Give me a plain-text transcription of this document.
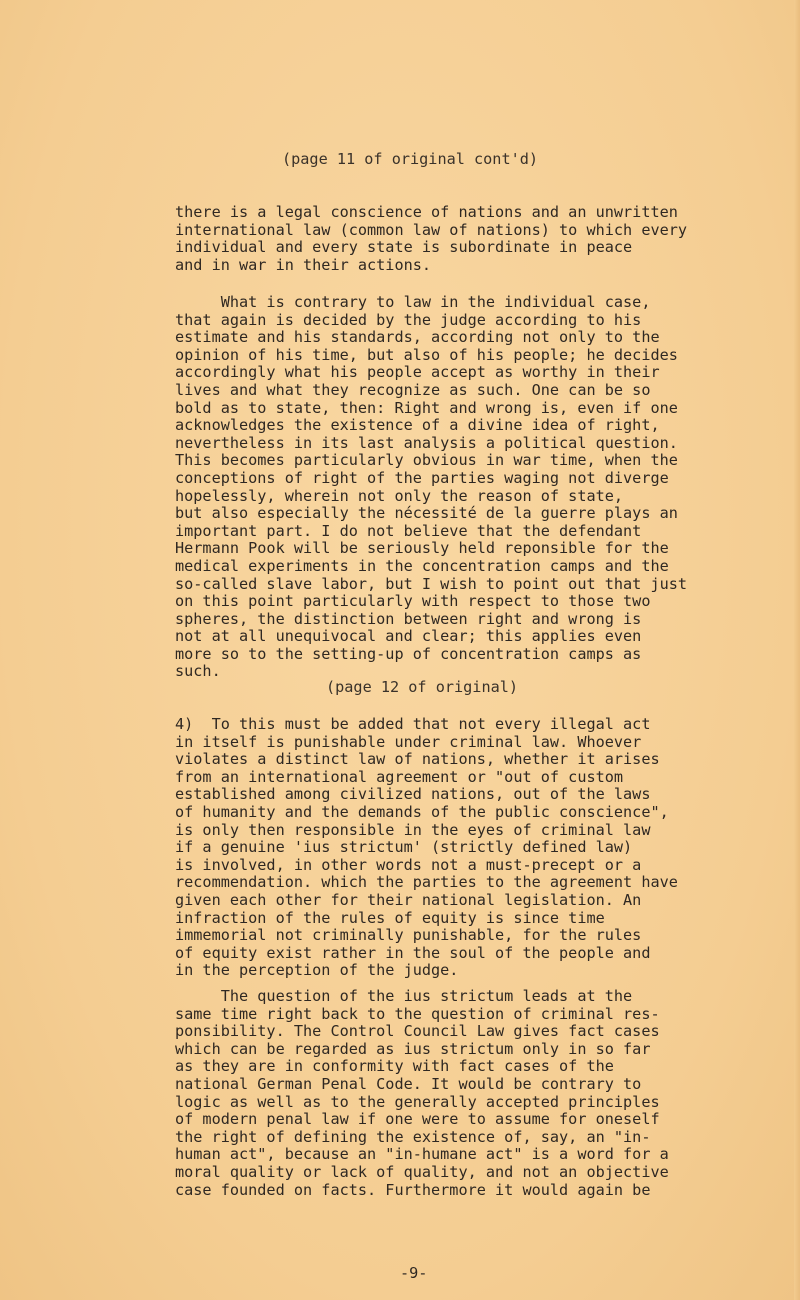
(page 11 of original cont'd)
there is a legal conscience of nations and an unwritten
international law (common law of nations) to which every
individual and every state is subordinate in peace
and in war in their actions.
What is contrary to law in the individual case,
that again is decided by the judge according to his
estimate and his standards, according not only to the
opinion of his time, but also of his people; he decides
accordingly what his people accept as worthy in their
lives and what they recognize as such. One can be so
bold as to state, then: Right and wrong is, even if one
acknowledges the existence of a divine idea of right,
nevertheless in its last analysis a political question.
This becomes particularly obvious in war time, when the
conceptions of right of the parties waging not diverge
hopelessly, wherein not only the reason of state,
but also especially the nécessité de la guerre plays an
important part. I do not believe that the defendant
Hermann Pook will be seriously held reponsible for the
medical experiments in the concentration camps and the
so-called slave labor, but I wish to point out that just
on this point particularly with respect to those two
spheres, the distinction between right and wrong is
not at all unequivocal and clear; this applies even
more so to the setting-up of concentration camps as
such.
(page 12 of original)
4)  To this must be added that not every illegal act
in itself is punishable under criminal law. Whoever
violates a distinct law of nations, whether it arises
from an international agreement or "out of custom
established among civilized nations, out of the laws
of humanity and the demands of the public conscience",
is only then responsible in the eyes of criminal law
if a genuine 'ius strictum' (strictly defined law)
is involved, in other words not a must-precept or a
recommendation. which the parties to the agreement have
given each other for their national legislation. An
infraction of the rules of equity is since time
immemorial not criminally punishable, for the rules
of equity exist rather in the soul of the people and
in the perception of the judge.
The question of the ius strictum leads at the
same time right back to the question of criminal res-
ponsibility. The Control Council Law gives fact cases
which can be regarded as ius strictum only in so far
as they are in conformity with fact cases of the
national German Penal Code. It would be contrary to
logic as well as to the generally accepted principles
of modern penal law if one were to assume for oneself
the right of defining the existence of, say, an "in-
human act", because an "in-humane act" is a word for a
moral quality or lack of quality, and not an objective
case founded on facts. Furthermore it would again be
-9-
